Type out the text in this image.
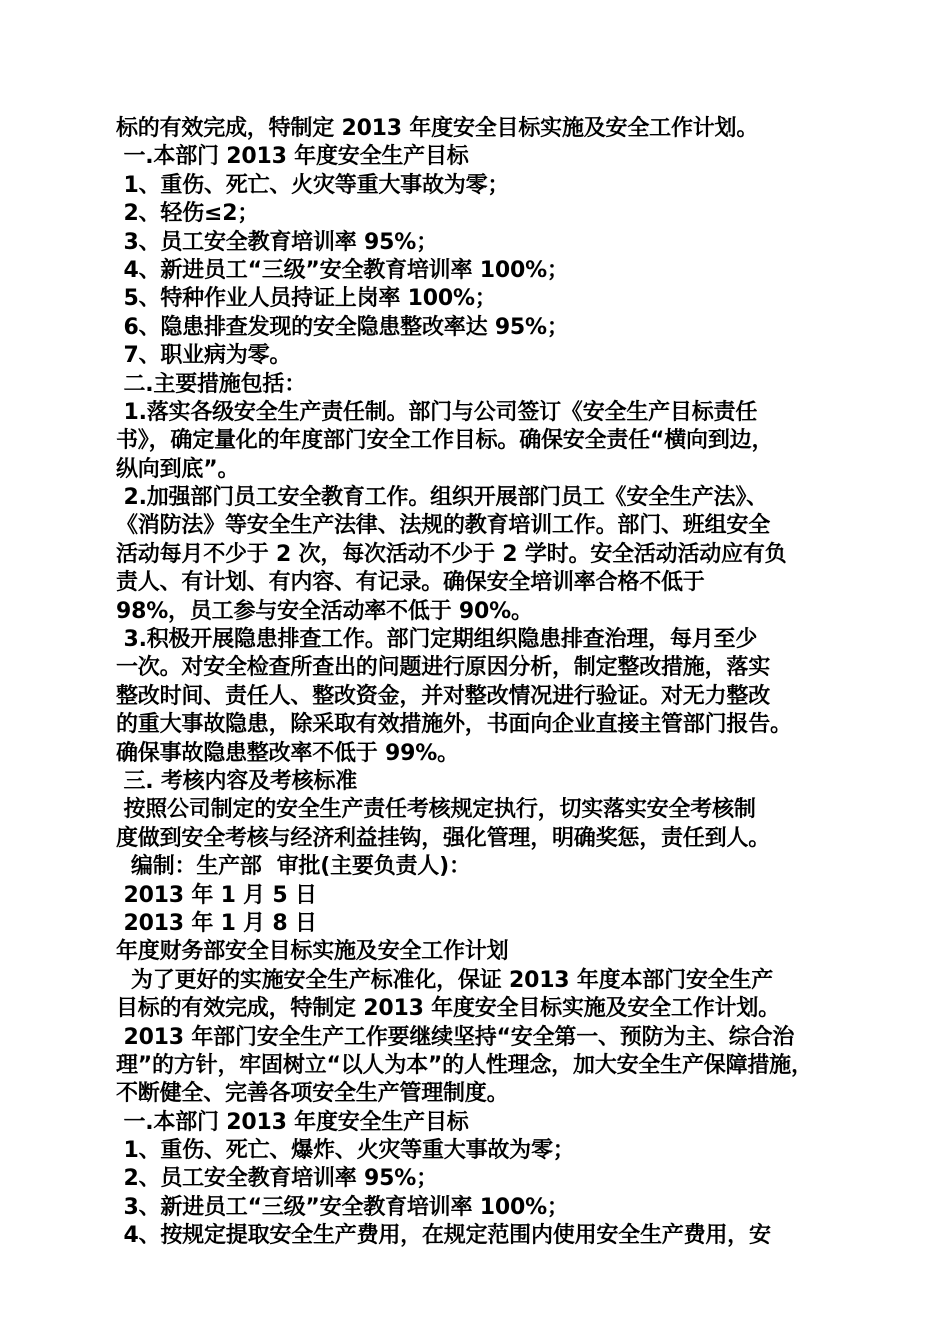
标的有效完成，特制定 2013 年度安全目标实施及安全工作计划。
一.本部门 2013 年度安全生产目标
1、重伤、死亡、火灾等重大事故为零；
2、轻伤≤2；
3、员工安全教育培训率 95%；
4、新进员工“三级”安全教育培训率 100%；
5、特种作业人员持证上岗率 100%；
6、隐患排查发现的安全隐患整改率达 95%；
7、职业病为零。
二.主要措施包括：
1.落实各级安全生产责任制。部门与公司签订《安全生产目标责任
书》，确定量化的年度部门安全工作目标。确保安全责任“横向到边，
纵向到底”。
2.加强部门员工安全教育工作。组织开展部门员工《安全生产法》、
《消防法》等安全生产法律、法规的教育培训工作。部门、班组安全
活动每月不少于 2 次，每次活动不少于 2 学时。安全活动活动应有负
责人、有计划、有内容、有记录。确保安全培训率合格不低于
98%，员工参与安全活动率不低于 90%。
3.积极开展隐患排查工作。部门定期组织隐患排查治理，每月至少
一次。对安全检查所查出的问题进行原因分析，制定整改措施，落实
整改时间、责任人、整改资金，并对整改情况进行验证。对无力整改
的重大事故隐患，除采取有效措施外，书面向企业直接主管部门报告。
确保事故隐患整改率不低于 99%。
三. 考核内容及考核标准
按照公司制定的安全生产责任考核规定执行，切实落实安全考核制
度做到安全考核与经济利益挂钩，强化管理，明确奖惩，责任到人。
编制：生产部  审批(主要负责人)：
2013 年 1 月 5 日
2013 年 1 月 8 日
年度财务部安全目标实施及安全工作计划
为了更好的实施安全生产标准化，保证 2013 年度本部门安全生产
目标的有效完成，特制定 2013 年度安全目标实施及安全工作计划。
2013 年部门安全生产工作要继续坚持“安全第一、预防为主、综合治
理”的方针，牢固树立“以人为本”的人性理念，加大安全生产保障措施，
不断健全、完善各项安全生产管理制度。
一.本部门 2013 年度安全生产目标
1、重伤、死亡、爆炸、火灾等重大事故为零；
2、员工安全教育培训率 95%；
3、新进员工“三级”安全教育培训率 100%；
4、按规定提取安全生产费用，在规定范围内使用安全生产费用，安
